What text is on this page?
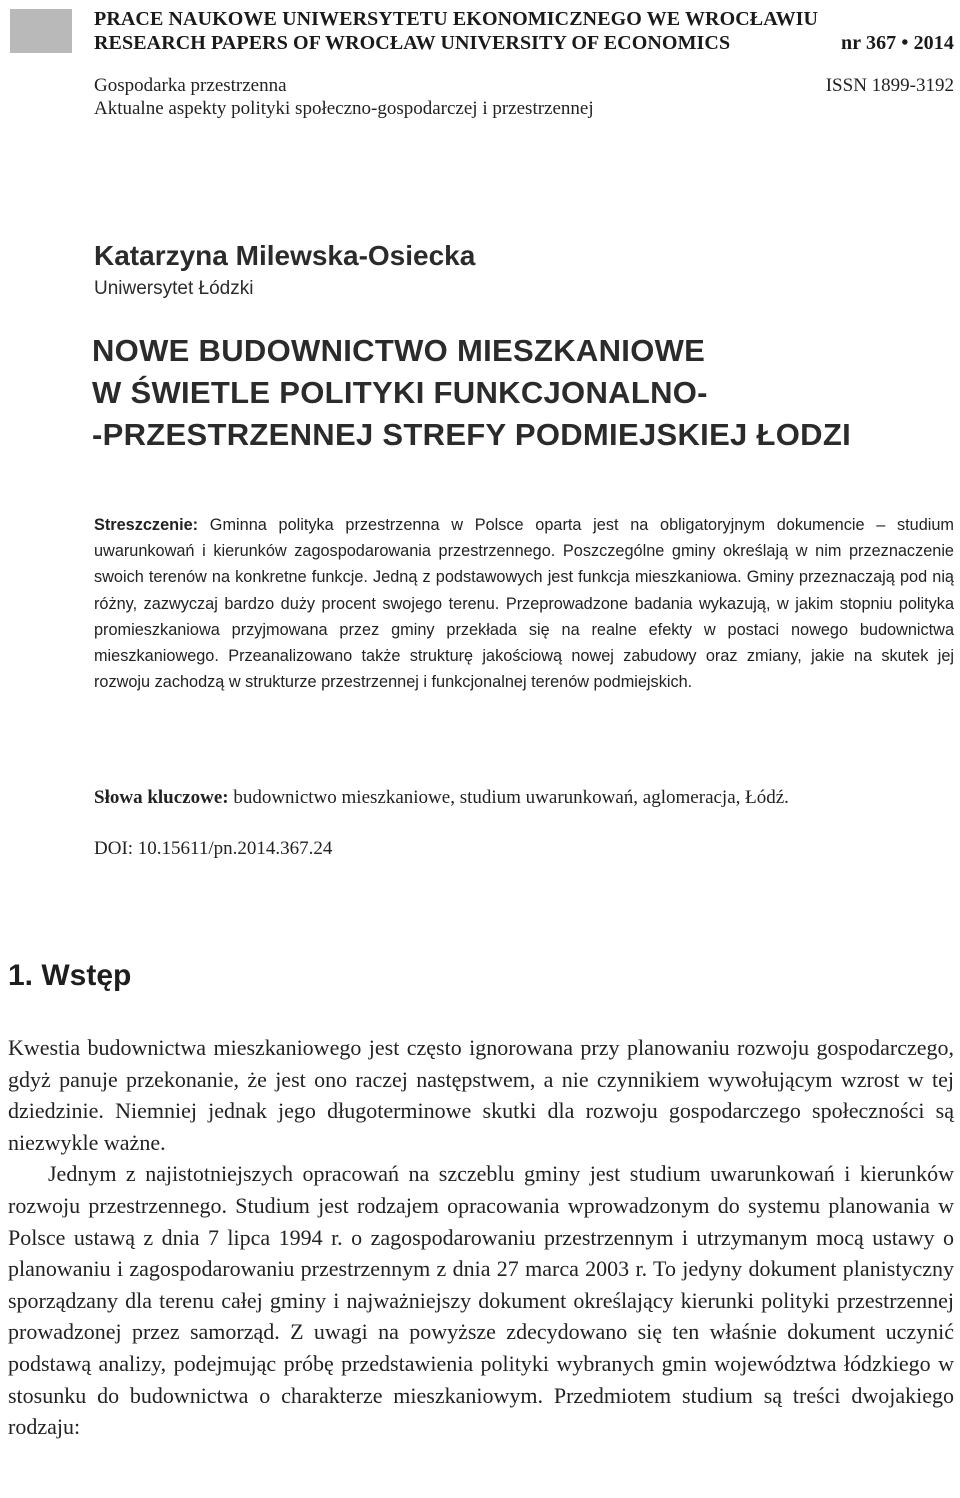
PRACE NAUKOWE UNIWERSYTETU EKONOMICZNEGO WE WROCŁAWIU
RESEARCH PAPERS OF WROCŁAW UNIVERSITY OF ECONOMICS	nr 367 • 2014
Gospodarka przestrzenna	ISSN 1899-3192
Aktualne aspekty polityki społeczno-gospodarczej i przestrzennej
Katarzyna Milewska-Osiecka
Uniwersytet Łódzki
NOWE BUDOWNICTWO MIESZKANIOWE
W ŚWIETLE POLITYKI FUNKCJONALNO-
-PRZESTRZENNEJ STREFY PODMIEJSKIEJ ŁODZI
Streszczenie: Gminna polityka przestrzenna w Polsce oparta jest na obligatoryjnym dokumencie – studium uwarunkowań i kierunków zagospodarowania przestrzennego. Poszczególne gminy określają w nim przeznaczenie swoich terenów na konkretne funkcje. Jedną z podstawowych jest funkcja mieszkaniowa. Gminy przeznaczają pod nią różny, zazwyczaj bardzo duży procent swojego terenu. Przeprowadzone badania wykazują, w jakim stopniu polityka promieszkaniowa przyjmowana przez gminy przekłada się na realne efekty w postaci nowego budownictwa mieszkaniowego. Przeanalizowano także strukturę jakościową nowej zabudowy oraz zmiany, jakie na skutek jej rozwoju zachodzą w strukturze przestrzennej i funkcjonalnej terenów podmiejskich.
Słowa kluczowe: budownictwo mieszkaniowe, studium uwarunkowań, aglomeracja, Łódź.
DOI: 10.15611/pn.2014.367.24
1. Wstęp

Kwestia budownictwa mieszkaniowego jest często ignorowana przy planowaniu rozwoju gospodarczego, gdyż panuje przekonanie, że jest ono raczej następstwem, a nie czynnikiem wywołującym wzrost w tej dziedzinie. Niemniej jednak jego długoterminowe skutki dla rozwoju gospodarczego społeczności są niezwykle ważne.

Jednym z najistotniejszych opracowań na szczeblu gminy jest studium uwarunkowań i kierunków rozwoju przestrzennego. Studium jest rodzajem opracowania wprowadzonym do systemu planowania w Polsce ustawą z dnia 7 lipca 1994 r. o zagospodarowaniu przestrzennym i utrzymanym mocą ustawy o planowaniu i zagospodarowaniu przestrzennym z dnia 27 marca 2003 r. To jedyny dokument planistyczny sporządzany dla terenu całej gminy i najważniejszy dokument określający kierunki polityki przestrzennej prowadzonej przez samorząd. Z uwagi na powyższe zdecydowano się ten właśnie dokument uczynić podstawą analizy, podejmując próbę przedstawienia polityki wybranych gmin województwa łódzkiego w stosunku do budownictwa o charakterze mieszkaniowym. Przedmiotem studium są treści dwojakiego rodzaju:
